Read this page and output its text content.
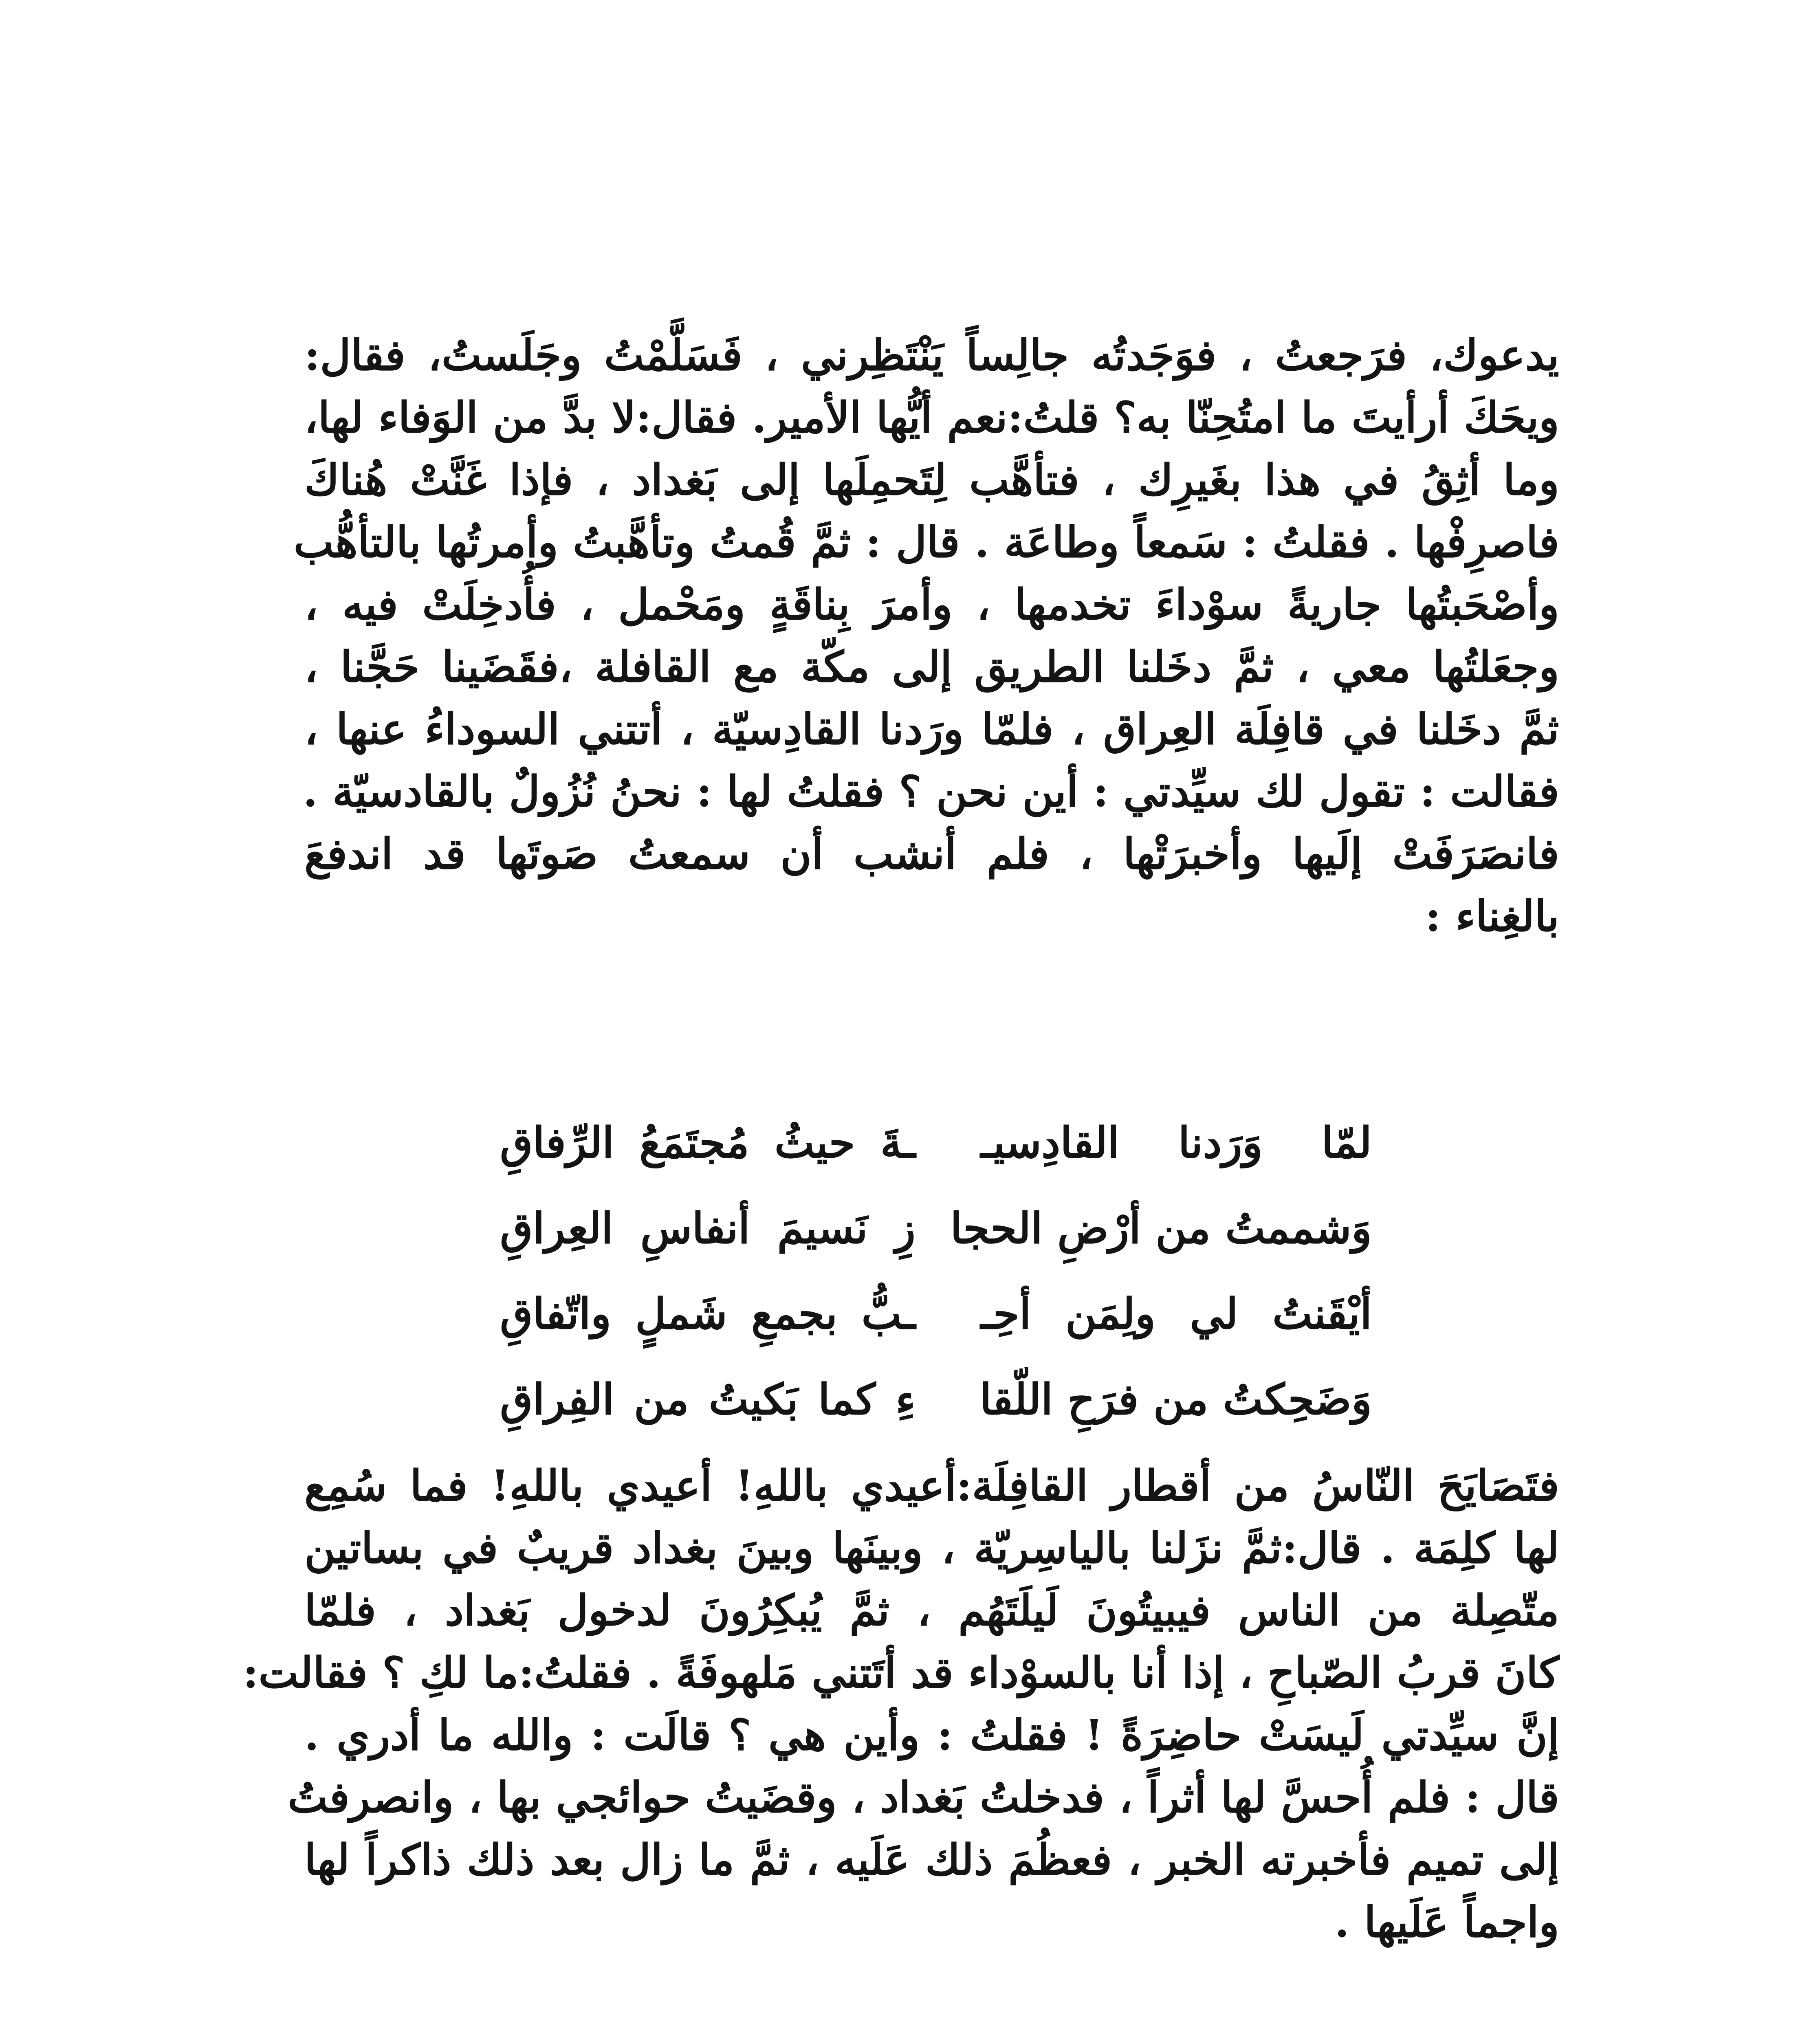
يدعوك، فرَجعتُ ، فوَجَدتُه جالِساً يَنْتَظِرني ، فَسَلَّمْتُ وجَلَستُ، فقال:
ويحَكَ أرأيتَ ما امتُحِنّا به؟ قلتُ:نعم أيُّها الأمير. فقال:لا بدَّ من الوَفاء لها،
وما أثِقُ في هذا بغَيرِك ، فتأهَّب لِتَحمِلَها إلى بَغداد ، فإذا غَنَّتْ هُناكَ
فاصرِفْها . فقلتُ : سَمعاً وطاعَة . قال : ثمَّ قُمتُ وتأهَّبتُ وأمرتُها بالتأهُّب
وأصْحَبتُها جاريةً سوْداءَ تخدمها ، وأمرَ بِناقَةٍ ومَحْمل ، فأُدخِلَتْ فيه ،
وجعَلتُها معي ، ثمَّ دخَلنا الطريق إلى مكّة مع القافلة ،فقَضَينا حَجَّنا ،
ثمَّ دخَلنا في قافِلَة العِراق ، فلمّا ورَدنا القادِسيّة ، أتتني السوداءُ عنها ،
فقالت : تقول لك سيِّدتي : أين نحن ؟ فقلتُ لها : نحنُ نُزُولٌ بالقادسيّة .
فانصَرَفَتْ إلَيها وأخبرَتْها ، فلم أنشب أن سمعتُ صَوتَها قد اندفعَ
بالغِناء :
لمّا وَرَدنا القادِسيـ
ـةَ حيثُ مُجتَمَعُ الرِّفاقِ
وَشممتُ من أرْضِ الحجا
زِ نَسيمَ أنفاسِ العِراقِ
أيْقَنتُ لي ولِمَن أحِـ
ـبُّ بجمعِ شَملٍ واتّفاقِ
وَضَحِكتُ من فرَحِ اللّقا
ءِ كما بَكيتُ من الفِراقِ
فتَصَايَحَ النّاسُ من أقطار القافِلَة:أعيدي باللهِ! أعيدي باللهِ! فما سُمِع
لها كلِمَة . قال:ثمَّ نزَلنا بالياسِريّة ، وبينَها وبينَ بغداد قريبٌ في بساتين
متّصِلة من الناس فيبيتُونَ لَيلَتَهُم ، ثمَّ يُبكِرُونَ لدخول بَغداد ، فلمّا
كانَ قربُ الصّباحِ ، إذا أنا بالسوْداء قد أتَتني مَلهوفَةً . فقلتُ:ما لكِ ؟ فقالت:
إنَّ سيِّدتي لَيسَتْ حاضِرَةً ! فقلتُ : وأين هي ؟ قالَت : والله ما أدري .
قال : فلم أُحسَّ لها أثراً ، فدخلتُ بَغداد ، وقضَيتُ حوائجي بها ، وانصرفتُ
إلى تميم فأخبرته الخبر ، فعظُمَ ذلك عَلَيه ، ثمَّ ما زال بعد ذلك ذاكراً لها
واجماً عَلَيها .
